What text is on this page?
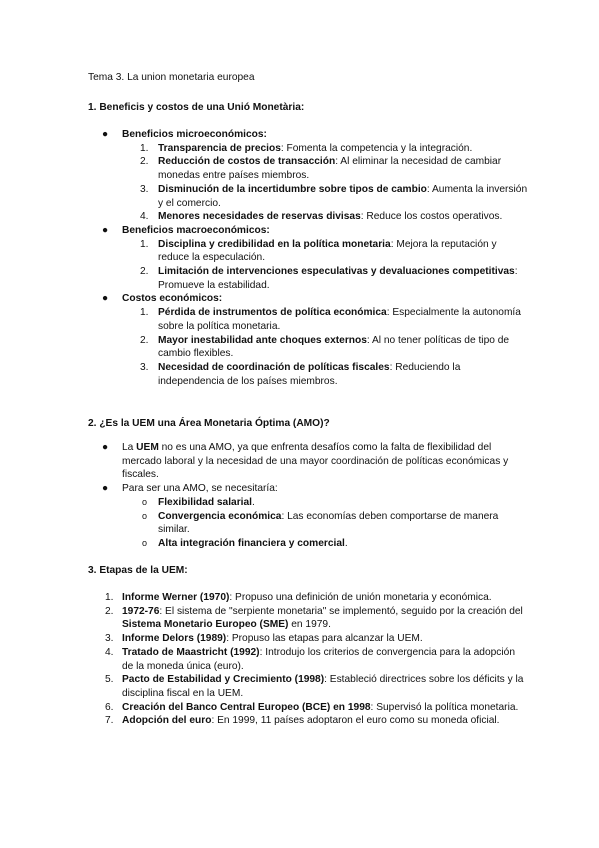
Tema 3. La union monetaria europea
1. Beneficis y costos de una Unió Monetària:
● Beneficios microeconómicos:
1. Transparencia de precios: Fomenta la competencia y la integración.
2. Reducción de costos de transacción: Al eliminar la necesidad de cambiar monedas entre países miembros.
3. Disminución de la incertidumbre sobre tipos de cambio: Aumenta la inversión y el comercio.
4. Menores necesidades de reservas divisas: Reduce los costos operativos.
● Beneficios macroeconómicos:
1. Disciplina y credibilidad en la política monetaria: Mejora la reputación y reduce la especulación.
2. Limitación de intervenciones especulativas y devaluaciones competitivas: Promueve la estabilidad.
● Costos económicos:
1. Pérdida de instrumentos de política económica: Especialmente la autonomía sobre la política monetaria.
2. Mayor inestabilidad ante choques externos: Al no tener políticas de tipo de cambio flexibles.
3. Necesidad de coordinación de políticas fiscales: Reduciendo la independencia de los países miembros.
2. ¿Es la UEM una Área Monetaria Óptima (AMO)?
● La UEM no es una AMO, ya que enfrenta desafíos como la falta de flexibilidad del mercado laboral y la necesidad de una mayor coordinación de políticas económicas y fiscales.
● Para ser una AMO, se necesitaría:
o Flexibilidad salarial.
o Convergencia económica: Las economías deben comportarse de manera similar.
o Alta integración financiera y comercial.
3. Etapas de la UEM:
1. Informe Werner (1970): Propuso una definición de unión monetaria y económica.
2. 1972-76: El sistema de "serpiente monetaria" se implementó, seguido por la creación del Sistema Monetario Europeo (SME) en 1979.
3. Informe Delors (1989): Propuso las etapas para alcanzar la UEM.
4. Tratado de Maastricht (1992): Introdujo los criterios de convergencia para la adopción de la moneda única (euro).
5. Pacto de Estabilidad y Crecimiento (1998): Estableció directrices sobre los déficits y la disciplina fiscal en la UEM.
6. Creación del Banco Central Europeo (BCE) en 1998: Supervisó la política monetaria.
7. Adopción del euro: En 1999, 11 países adoptaron el euro como su moneda oficial.
